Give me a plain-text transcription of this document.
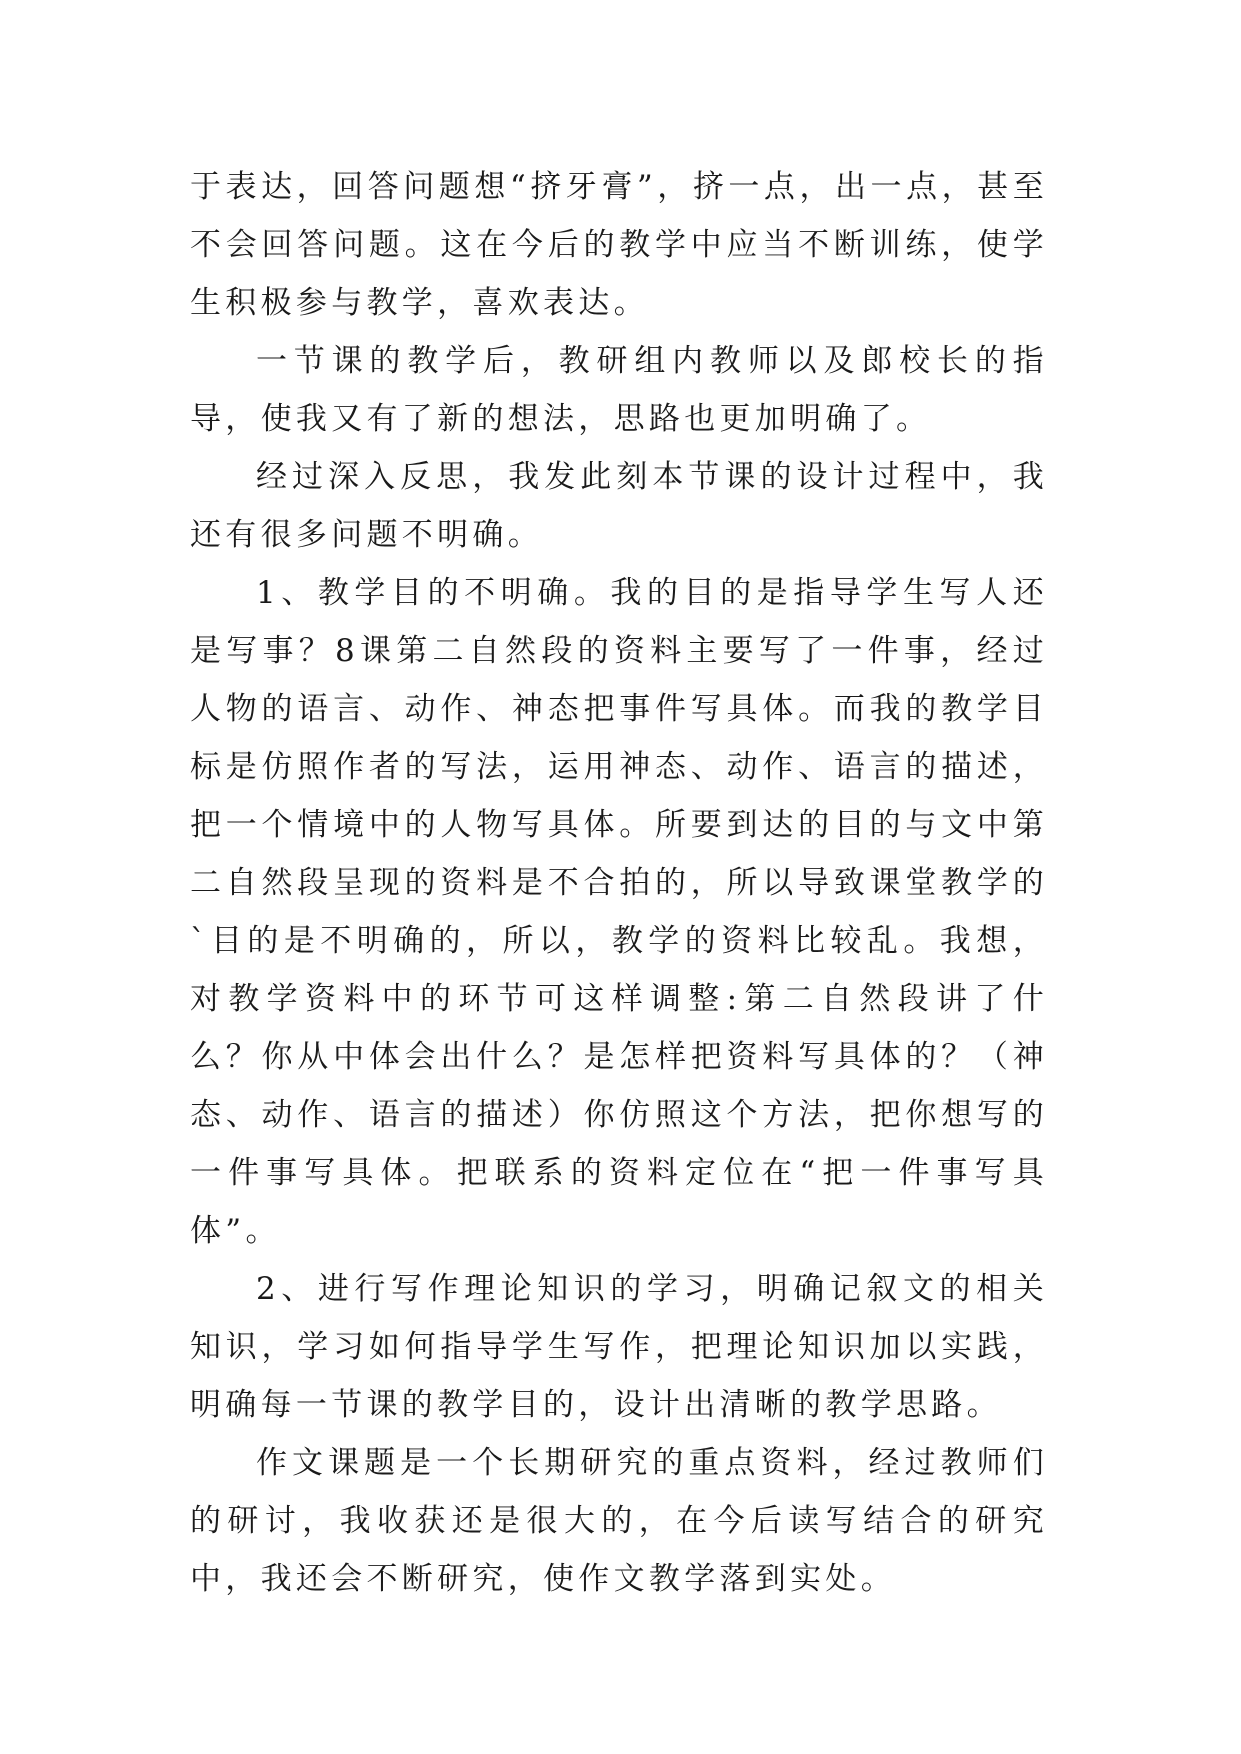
于表达，回答问题想“挤牙膏”，挤一点，出一点，甚至不会回答问题。这在今后的教学中应当不断训练，使学生积极参与教学，喜欢表达。

一节课的教学后，教研组内教师以及郎校长的指导，使我又有了新的想法，思路也更加明确了。

经过深入反思，我发此刻本节课的设计过程中，我还有很多问题不明确。

1、教学目的不明确。我的目的是指导学生写人还是写事？8课第二自然段的资料主要写了一件事，经过人物的语言、动作、神态把事件写具体。而我的教学目标是仿照作者的写法，运用神态、动作、语言的描述，把一个情境中的人物写具体。所要到达的目的与文中第二自然段呈现的资料是不合拍的，所以导致课堂教学的`目的是不明确的，所以，教学的资料比较乱。我想，对教学资料中的环节可这样调整:第二自然段讲了什么？你从中体会出什么？是怎样把资料写具体的？（神态、动作、语言的描述）你仿照这个方法，把你想写的一件事写具体。把联系的资料定位在“把一件事写具体”。

2、进行写作理论知识的学习，明确记叙文的相关知识，学习如何指导学生写作，把理论知识加以实践，明确每一节课的教学目的，设计出清晰的教学思路。

作文课题是一个长期研究的重点资料，经过教师们的研讨，我收获还是很大的，在今后读写结合的研究中，我还会不断研究，使作文教学落到实处。
